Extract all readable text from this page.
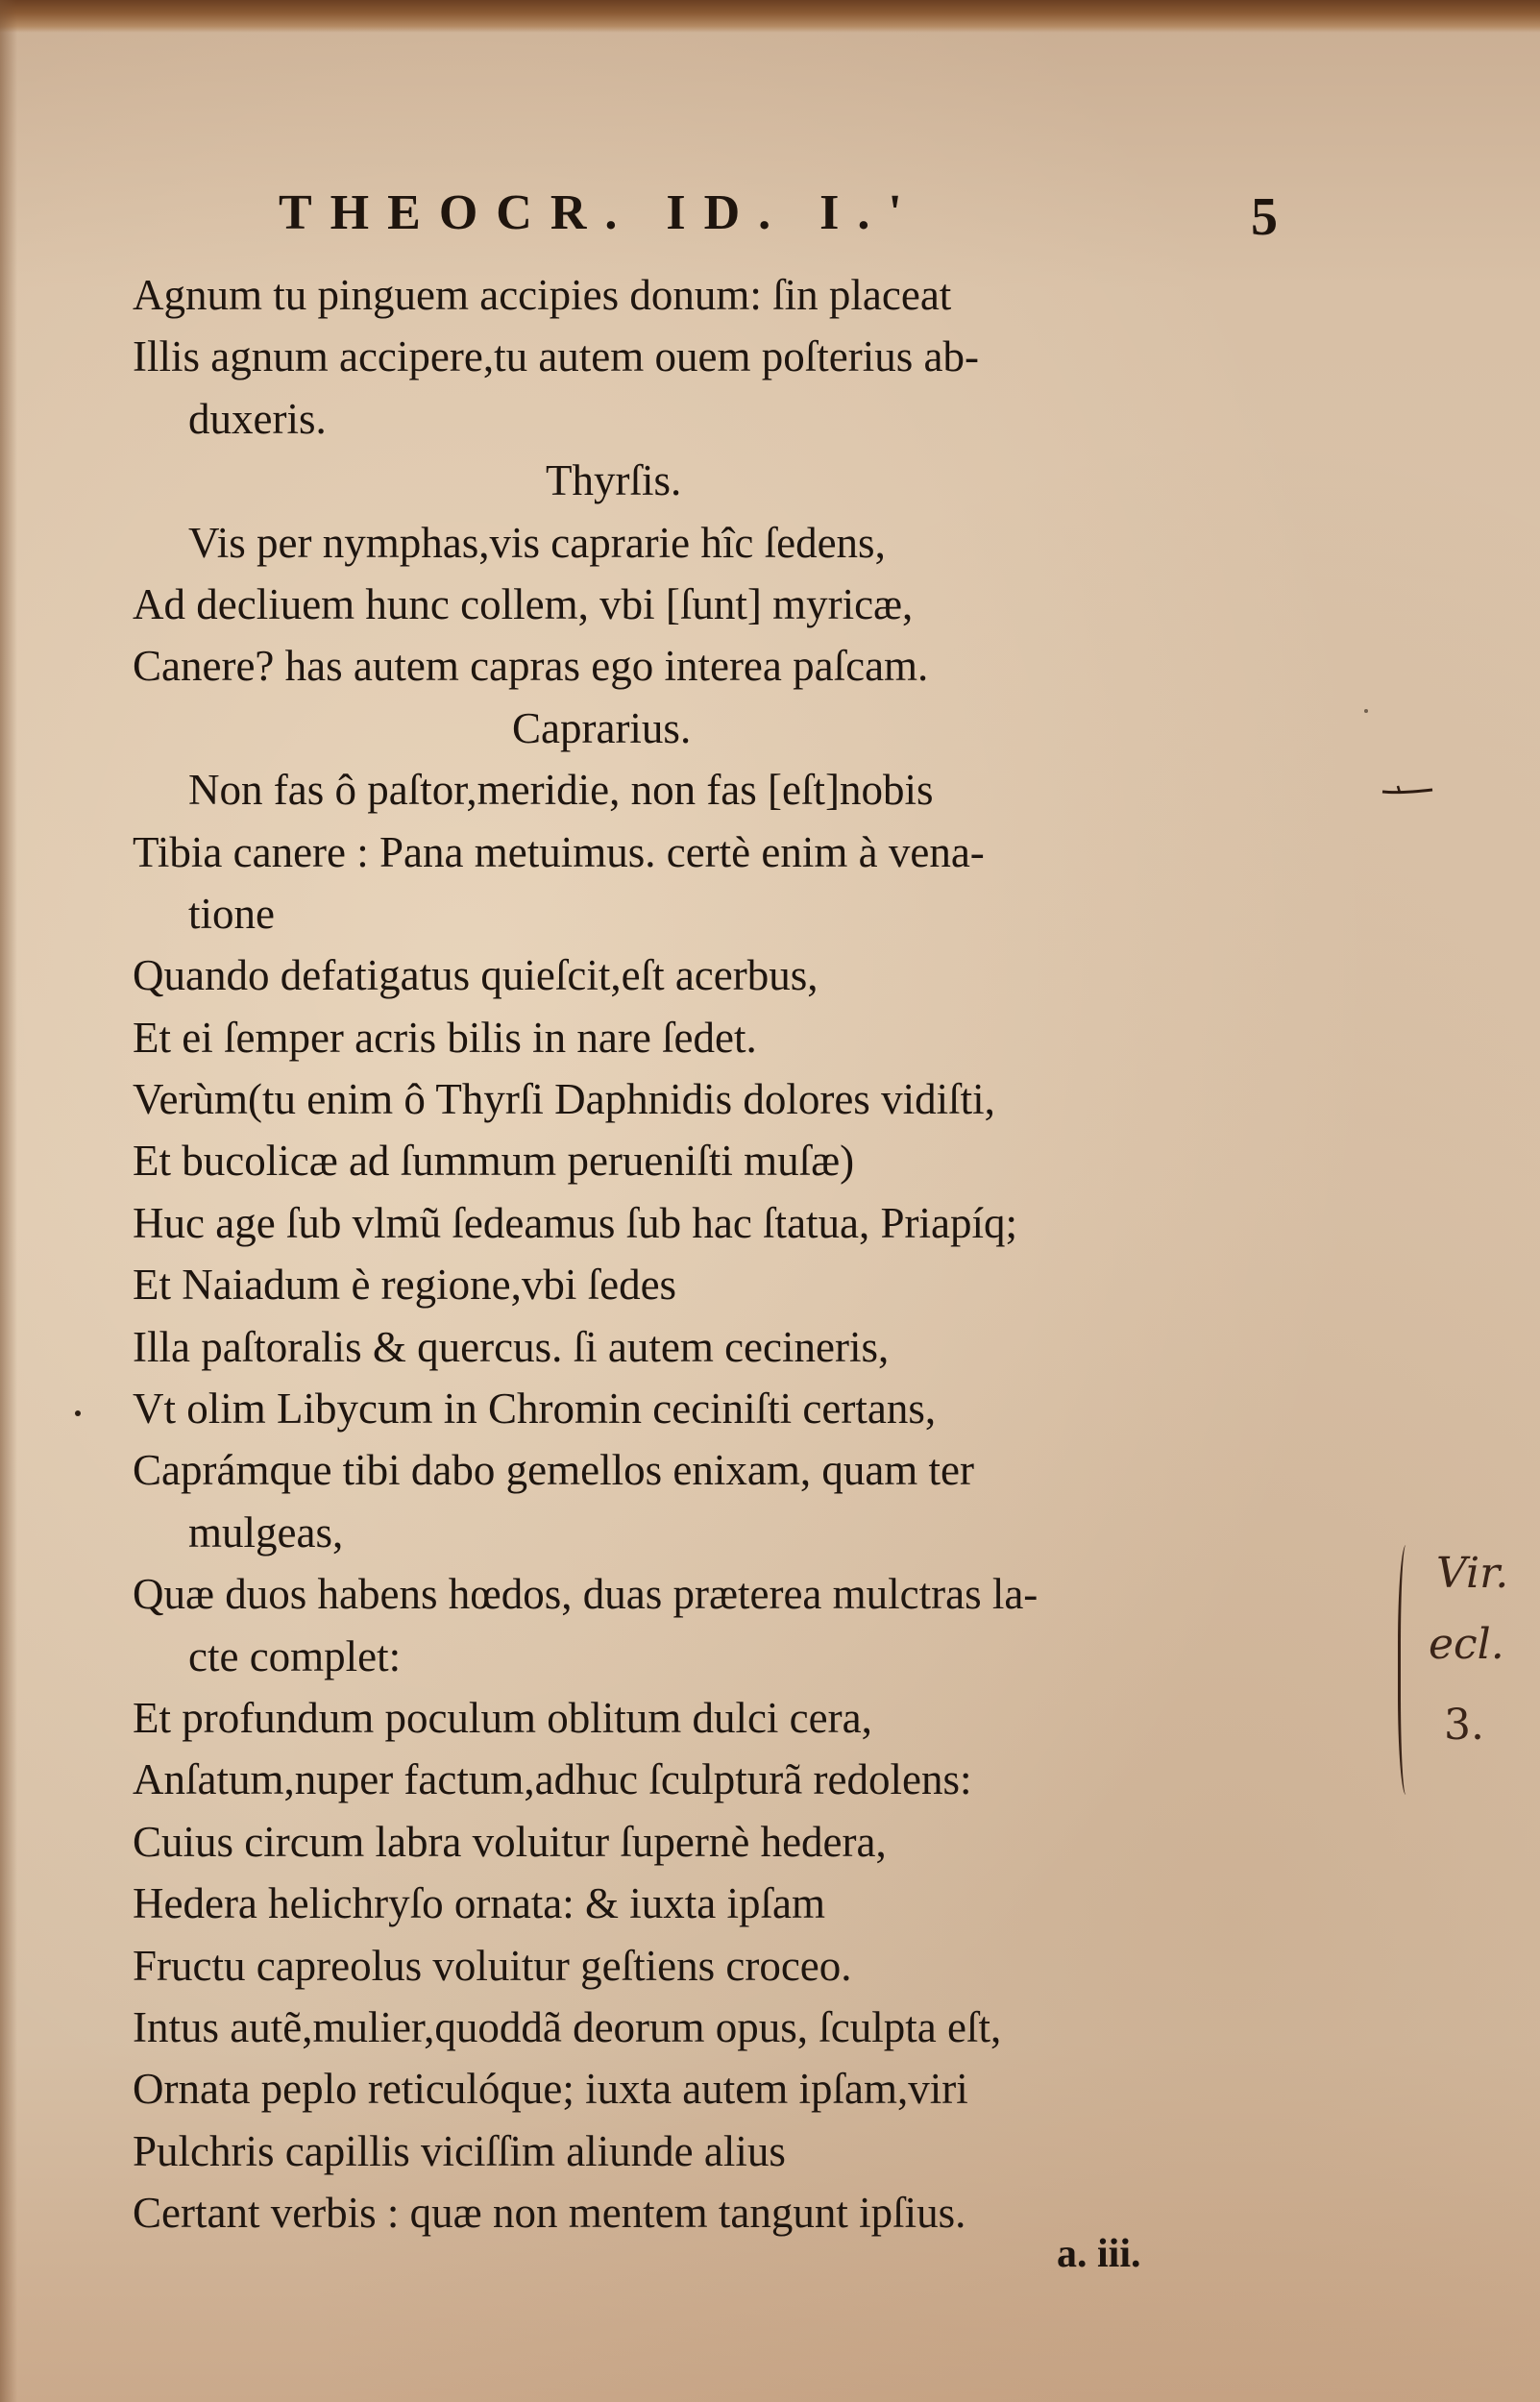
THEOCR. ID. I.'	5
Agnum tu pinguem accipies donum: ſin placeat
Illis agnum accipere,tu autem ouem poſterius ab-
duxeris.
Thyrſis.
Vis per nymphas,vis caprarie hîc ſedens,
Ad decliuem hunc collem, vbi [ſunt] myricæ,
Canere? has autem capras ego interea paſcam.
Caprarius.
Non fas ô paſtor,meridie, non fas [eſt]nobis
Tibia canere : Pana metuimus. certè enim à vena-
tione
Quando defatigatus quieſcit,eſt acerbus,
Et ei ſemper acris bilis in nare ſedet.
Verùm(tu enim ô Thyrſi Daphnidis dolores vidiſti,
Et bucolicæ ad ſummum perueniſti muſæ)
Huc age ſub vlmũ ſedeamus ſub hac ſtatua, Priapíq;
Et Naiadum è regione,vbi ſedes
Illa paſtoralis & quercus. ſi autem cecineris,
Vt olim Libycum in Chromin ceciniſti certans,
Caprámque tibi dabo gemellos enixam, quam ter
mulgeas,
Quæ duos habens hœdos, duas præterea mulctras la-
cte complet:
Et profundum poculum oblitum dulci cera,
Anſatum,nuper factum,adhuc ſculpturã redolens:
Cuius circum labra voluitur ſupernè hedera,
Hedera helichryſo ornata: & iuxta ipſam
Fructu capreolus voluitur geſtiens croceo.
Intus autẽ,mulier,quoddã deorum opus, ſculpta eſt,
Ornata peplo reticulóque; iuxta autem ipſam,viri
Pulchris capillis viciſſim aliunde alius
Certant verbis : quæ non mentem tangunt ipſius.
a. iii.
Vir.
ecl.
3.
